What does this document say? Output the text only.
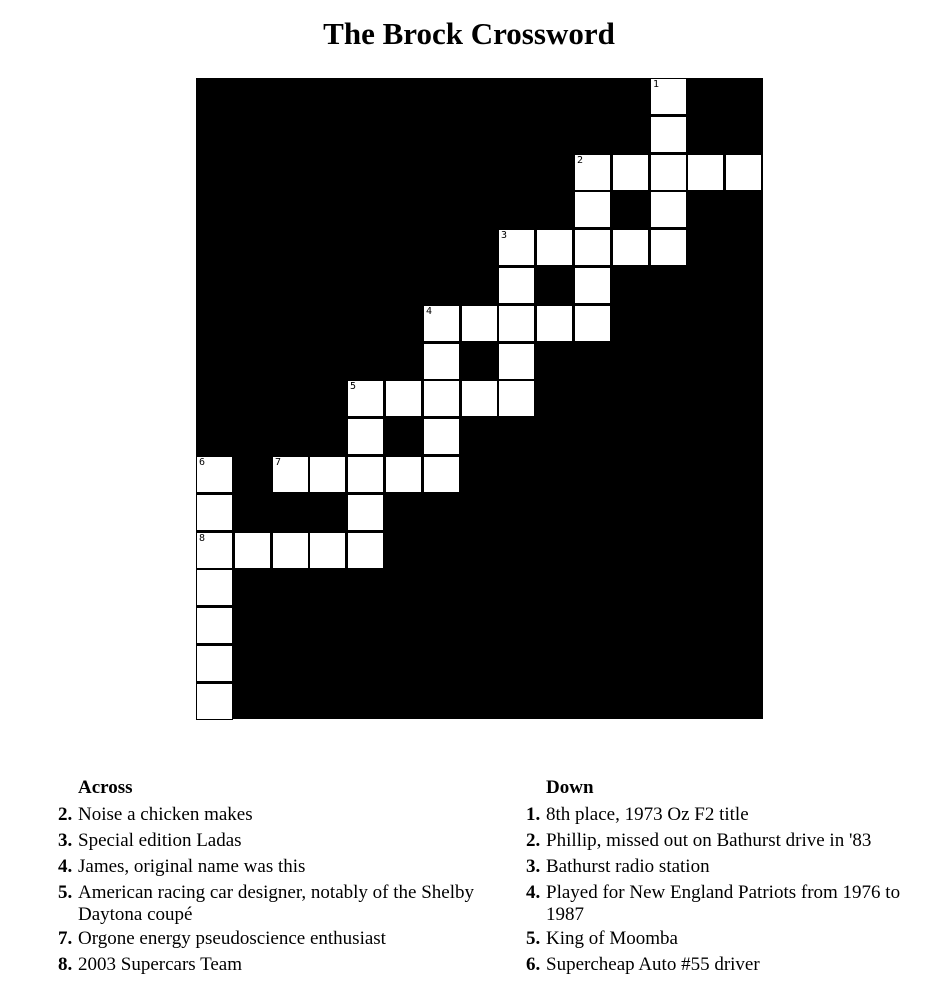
The Brock Crossword
1
2
3
4
5
6	7
8
Across
2. Noise a chicken makes
3. Special edition Ladas
4. James, original name was this
5. American racing car designer, notably of the Shelby Daytona coupé
7. Orgone energy pseudoscience enthusiast
8. 2003 Supercars Team
Down
1. 8th place, 1973 Oz F2 title
2. Phillip, missed out on Bathurst drive in '83
3. Bathurst radio station
4. Played for New England Patriots from 1976 to 1987
5. King of Moomba
6. Supercheap Auto #55 driver
